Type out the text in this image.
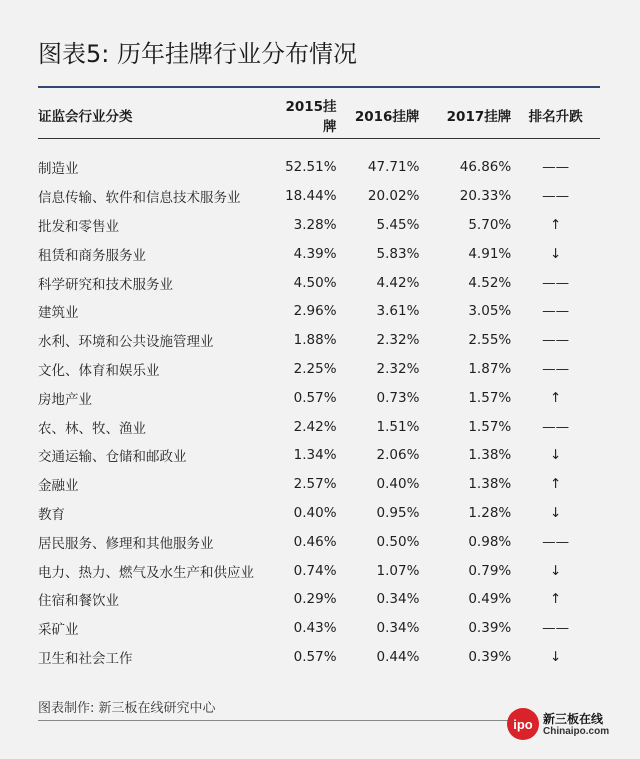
图表5: 历年挂牌行业分布情况
证监会行业分类	2015挂牌	2016挂牌	2017挂牌	排名升跌
制造业	52.51%	47.71%	46.86%	——
信息传输、软件和信息技术服务业	18.44%	20.02%	20.33%	——
批发和零售业	3.28%	5.45%	5.70%	↑
租赁和商务服务业	4.39%	5.83%	4.91%	↓
科学研究和技术服务业	4.50%	4.42%	4.52%	——
建筑业	2.96%	3.61%	3.05%	——
水利、环境和公共设施管理业	1.88%	2.32%	2.55%	——
文化、体育和娱乐业	2.25%	2.32%	1.87%	——
房地产业	0.57%	0.73%	1.57%	↑
农、林、牧、渔业	2.42%	1.51%	1.57%	——
交通运输、仓储和邮政业	1.34%	2.06%	1.38%	↓
金融业	2.57%	0.40%	1.38%	↑
教育	0.40%	0.95%	1.28%	↓
居民服务、修理和其他服务业	0.46%	0.50%	0.98%	——
电力、热力、燃气及水生产和供应业	0.74%	1.07%	0.79%	↓
住宿和餐饮业	0.29%	0.34%	0.49%	↑
采矿业	0.43%	0.34%	0.39%	——
卫生和社会工作	0.57%	0.44%	0.39%	↓
图表制作: 新三板在线研究中心
ipo 新三板在线
Chinaipo.com
